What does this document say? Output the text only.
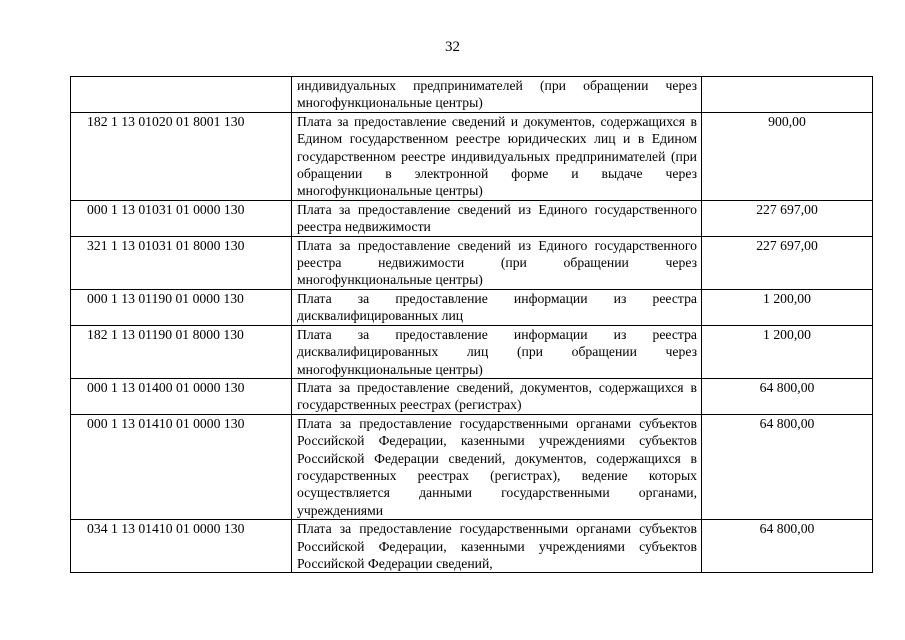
32
	индивидуальных предпринимателей (при обращении через многофункциональные центры)	
182 1 13 01020 01 8001 130	Плата за предоставление сведений и документов, содержащихся в Едином государственном реестре юридических лиц и в Едином государственном реестре индивидуальных предпринимателей (при обращении в электронной форме и выдаче через многофункциональные центры)	900,00
000 1 13 01031 01 0000 130	Плата за предоставление сведений из Единого государственного реестра недвижимости	227 697,00
321 1 13 01031 01 8000 130	Плата за предоставление сведений из Единого государственного реестра недвижимости (при обращении через многофункциональные центры)	227 697,00
000 1 13 01190 01 0000 130	Плата за предоставление информации из реестра дисквалифицированных лиц	1 200,00
182 1 13 01190 01 8000 130	Плата за предоставление информации из реестра дисквалифицированных лиц (при обращении через многофункциональные центры)	1 200,00
000 1 13 01400 01 0000 130	Плата за предоставление сведений, документов, содержащихся в государственных реестрах (регистрах)	64 800,00
000 1 13 01410 01 0000 130	Плата за предоставление государственными органами субъектов Российской Федерации, казенными учреждениями субъектов Российской Федерации сведений, документов, содержащихся в государственных реестрах (регистрах), ведение которых осуществляется данными государственными органами, учреждениями	64 800,00
034 1 13 01410 01 0000 130	Плата за предоставление государственными органами субъектов Российской Федерации, казенными учреждениями субъектов Российской Федерации сведений,	64 800,00
